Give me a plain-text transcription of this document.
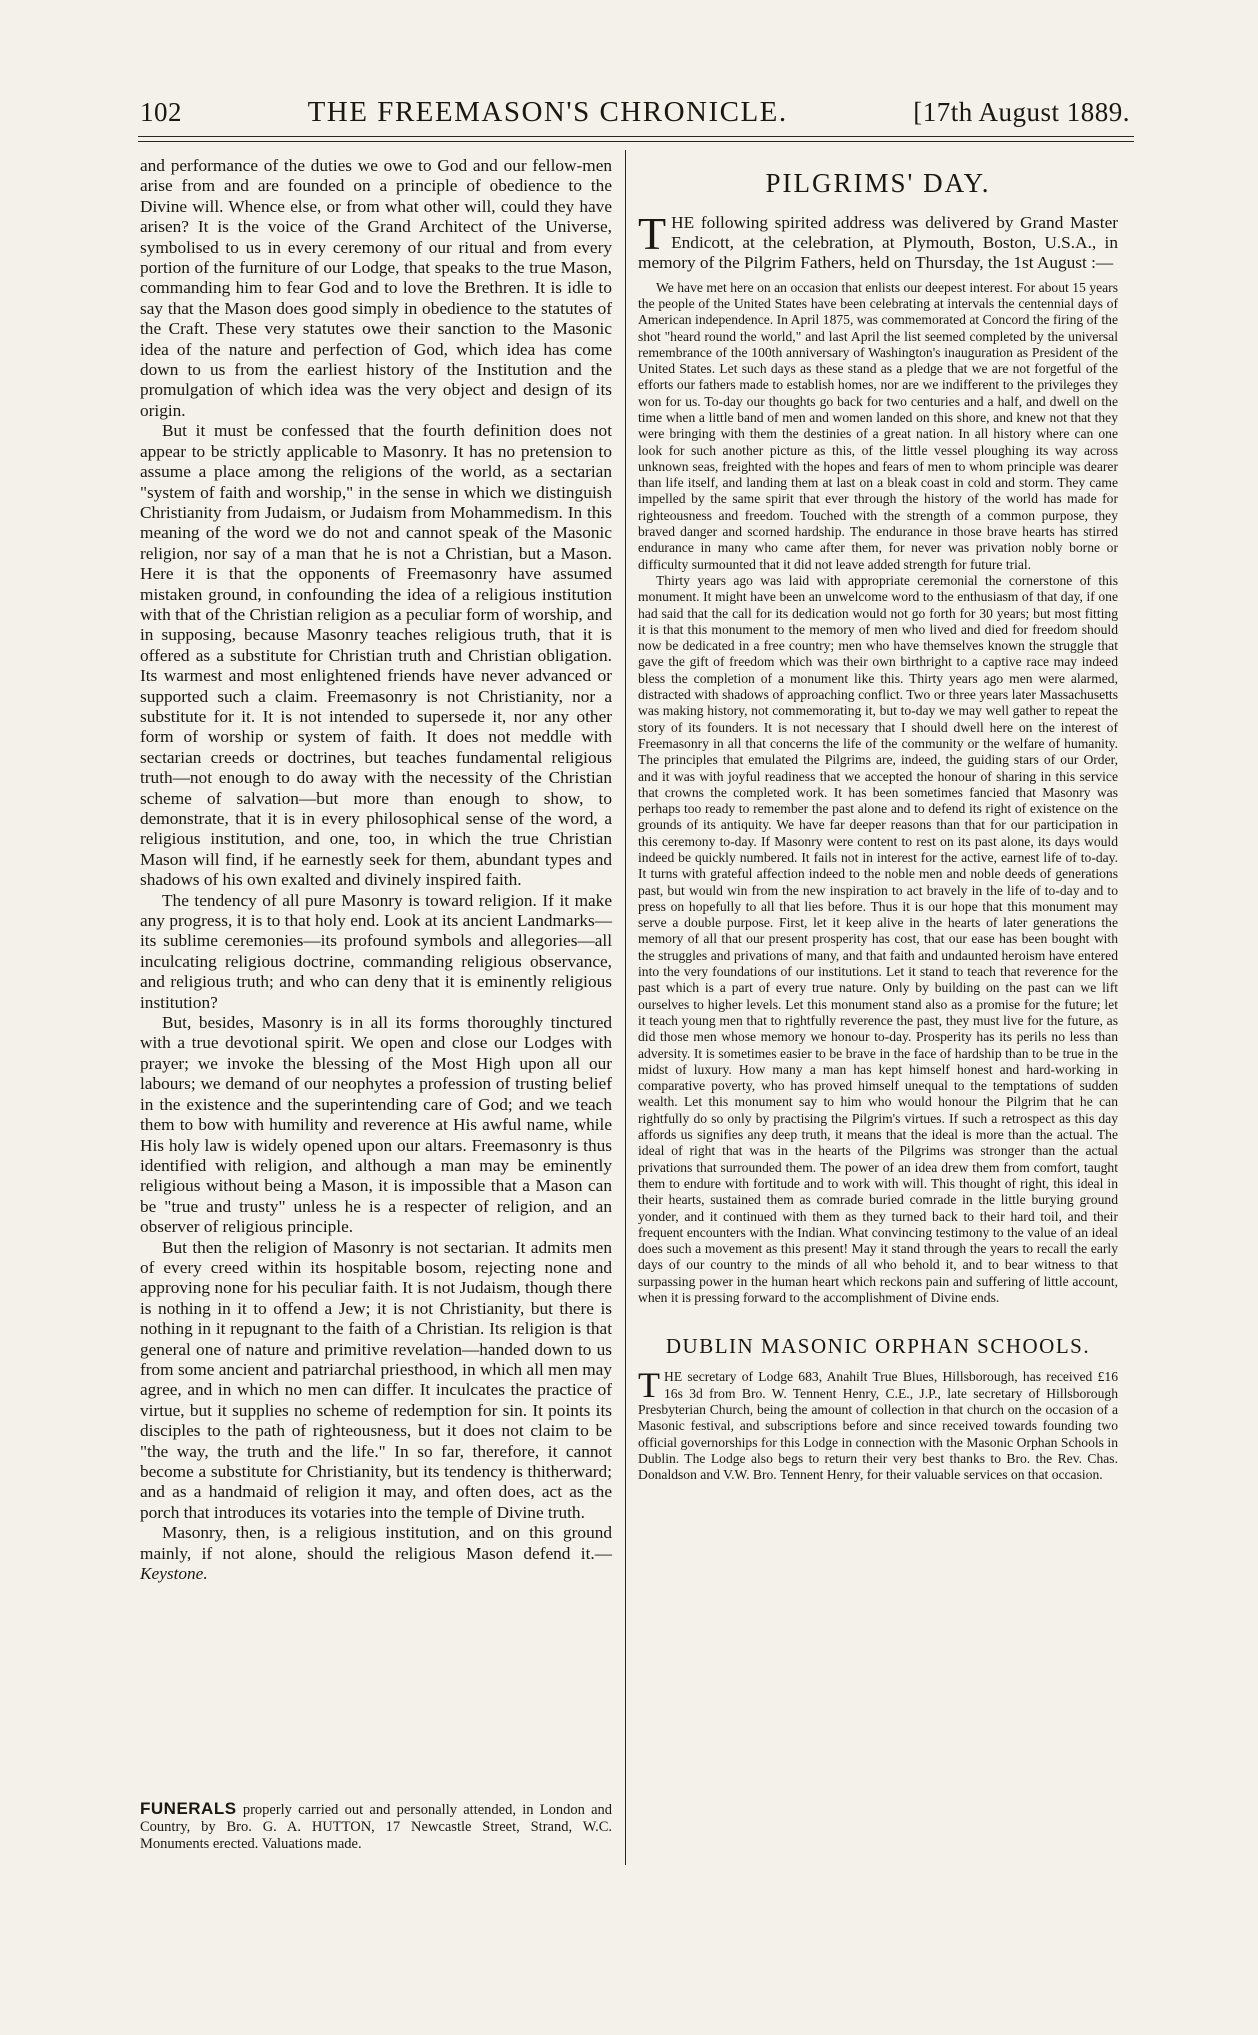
102	THE FREEMASON'S CHRONICLE.	[17th August 1889.

and performance of the duties we owe to God and our fellow-men arise from and are founded on a principle of obedience to the Divine will. Whence else, or from what other will, could they have arisen? It is the voice of the Grand Architect of the Universe, symbolised to us in every ceremony of our ritual and from every portion of the furniture of our Lodge, that speaks to the true Mason, commanding him to fear God and to love the Brethren. It is idle to say that the Mason does good simply in obedience to the statutes of the Craft. These very statutes owe their sanction to the Masonic idea of the nature and perfection of God, which idea has come down to us from the earliest history of the Institution and the promulgation of which idea was the very object and design of its origin.

But it must be confessed that the fourth definition does not appear to be strictly applicable to Masonry. It has no pretension to assume a place among the religions of the world, as a sectarian "system of faith and worship," in the sense in which we distinguish Christianity from Judaism, or Judaism from Mohammedism. In this meaning of the word we do not and cannot speak of the Masonic religion, nor say of a man that he is not a Christian, but a Mason. Here it is that the opponents of Freemasonry have assumed mistaken ground, in confounding the idea of a religious institution with that of the Christian religion as a peculiar form of worship, and in supposing, because Masonry teaches religious truth, that it is offered as a substitute for Christian truth and Christian obligation. Its warmest and most enlightened friends have never advanced or supported such a claim. Freemasonry is not Christianity, nor a substitute for it. It is not intended to supersede it, nor any other form of worship or system of faith. It does not meddle with sectarian creeds or doctrines, but teaches fundamental religious truth—not enough to do away with the necessity of the Christian scheme of salvation—but more than enough to show, to demonstrate, that it is in every philosophical sense of the word, a religious institution, and one, too, in which the true Christian Mason will find, if he earnestly seek for them, abundant types and shadows of his own exalted and divinely inspired faith.

The tendency of all pure Masonry is toward religion. If it make any progress, it is to that holy end. Look at its ancient Landmarks—its sublime ceremonies—its profound symbols and allegories—all inculcating religious doctrine, commanding religious observance, and religious truth; and who can deny that it is eminently religious institution?

But, besides, Masonry is in all its forms thoroughly tinctured with a true devotional spirit. We open and close our Lodges with prayer; we invoke the blessing of the Most High upon all our labours; we demand of our neophytes a profession of trusting belief in the existence and the superintending care of God; and we teach them to bow with humility and reverence at His awful name, while His holy law is widely opened upon our altars. Freemasonry is thus identified with religion, and although a man may be eminently religious without being a Mason, it is impossible that a Mason can be "true and trusty" unless he is a respecter of religion, and an observer of religious principle.

But then the religion of Masonry is not sectarian. It admits men of every creed within its hospitable bosom, rejecting none and approving none for his peculiar faith. It is not Judaism, though there is nothing in it to offend a Jew; it is not Christianity, but there is nothing in it repugnant to the faith of a Christian. Its religion is that general one of nature and primitive revelation—handed down to us from some ancient and patriarchal priesthood, in which all men may agree, and in which no men can differ. It inculcates the practice of virtue, but it supplies no scheme of redemption for sin. It points its disciples to the path of righteousness, but it does not claim to be "the way, the truth and the life." In so far, therefore, it cannot become a substitute for Christianity, but its tendency is thitherward; and as a handmaid of religion it may, and often does, act as the porch that introduces its votaries into the temple of Divine truth.

Masonry, then, is a religious institution, and on this ground mainly, if not alone, should the religious Mason defend it.—Keystone.

FUNERALS properly carried out and personally attended, in London and Country, by Bro. G. A. HUTTON, 17 Newcastle Street, Strand, W.C. Monuments erected. Valuations made.
PILGRIMS' DAY.

THE following spirited address was delivered by Grand Master Endicott, at the celebration, at Plymouth, Boston, U.S.A., in memory of the Pilgrim Fathers, held on Thursday, the 1st August :—

We have met here on an occasion that enlists our deepest interest. For about 15 years the people of the United States have been celebrating at intervals the centennial days of American independence. In April 1875, was commemorated at Concord the firing of the shot "heard round the world," and last April the list seemed completed by the universal remembrance of the 100th anniversary of Washington's inauguration as President of the United States. Let such days as these stand as a pledge that we are not forgetful of the efforts our fathers made to establish homes, nor are we indifferent to the privileges they won for us. To-day our thoughts go back for two centuries and a half, and dwell on the time when a little band of men and women landed on this shore, and knew not that they were bringing with them the destinies of a great nation. In all history where can one look for such another picture as this, of the little vessel ploughing its way across unknown seas, freighted with the hopes and fears of men to whom principle was dearer than life itself, and landing them at last on a bleak coast in cold and storm. They came impelled by the same spirit that ever through the history of the world has made for righteousness and freedom. Touched with the strength of a common purpose, they braved danger and scorned hardship. The endurance in those brave hearts has stirred endurance in many who came after them, for never was privation nobly borne or difficulty surmounted that it did not leave added strength for future trial.

Thirty years ago was laid with appropriate ceremonial the cornerstone of this monument. It might have been an unwelcome word to the enthusiasm of that day, if one had said that the call for its dedication would not go forth for 30 years; but most fitting it is that this monument to the memory of men who lived and died for freedom should now be dedicated in a free country; men who have themselves known the struggle that gave the gift of freedom which was their own birthright to a captive race may indeed bless the completion of a monument like this. Thirty years ago men were alarmed, distracted with shadows of approaching conflict. Two or three years later Massachusetts was making history, not commemorating it, but to-day we may well gather to repeat the story of its founders. It is not necessary that I should dwell here on the interest of Freemasonry in all that concerns the life of the community or the welfare of humanity. The principles that emulated the Pilgrims are, indeed, the guiding stars of our Order, and it was with joyful readiness that we accepted the honour of sharing in this service that crowns the completed work. It has been sometimes fancied that Masonry was perhaps too ready to remember the past alone and to defend its right of existence on the grounds of its antiquity. We have far deeper reasons than that for our participation in this ceremony to-day. If Masonry were content to rest on its past alone, its days would indeed be quickly numbered. It fails not in interest for the active, earnest life of to-day. It turns with grateful affection indeed to the noble men and noble deeds of generations past, but would win from the new inspiration to act bravely in the life of to-day and to press on hopefully to all that lies before. Thus it is our hope that this monument may serve a double purpose. First, let it keep alive in the hearts of later generations the memory of all that our present prosperity has cost, that our ease has been bought with the struggles and privations of many, and that faith and undaunted heroism have entered into the very foundations of our institutions. Let it stand to teach that reverence for the past which is a part of every true nature. Only by building on the past can we lift ourselves to higher levels. Let this monument stand also as a promise for the future; let it teach young men that to rightfully reverence the past, they must live for the future, as did those men whose memory we honour to-day. Prosperity has its perils no less than adversity. It is sometimes easier to be brave in the face of hardship than to be true in the midst of luxury. How many a man has kept himself honest and hard-working in comparative poverty, who has proved himself unequal to the temptations of sudden wealth. Let this monument say to him who would honour the Pilgrim that he can rightfully do so only by practising the Pilgrim's virtues. If such a retrospect as this day affords us signifies any deep truth, it means that the ideal is more than the actual. The ideal of right that was in the hearts of the Pilgrims was stronger than the actual privations that surrounded them. The power of an idea drew them from comfort, taught them to endure with fortitude and to work with will. This thought of right, this ideal in their hearts, sustained them as comrade buried comrade in the little burying ground yonder, and it continued with them as they turned back to their hard toil, and their frequent encounters with the Indian. What convincing testimony to the value of an ideal does such a movement as this present! May it stand through the years to recall the early days of our country to the minds of all who behold it, and to bear witness to that surpassing power in the human heart which reckons pain and suffering of little account, when it is pressing forward to the accomplishment of Divine ends.

DUBLIN MASONIC ORPHAN SCHOOLS.

THE secretary of Lodge 683, Anahilt True Blues, Hillsborough, has received £16 16s 3d from Bro. W. Tennent Henry, C.E., J.P., late secretary of Hillsborough Presbyterian Church, being the amount of collection in that church on the occasion of a Masonic festival, and subscriptions before and since received towards founding two official governorships for this Lodge in connection with the Masonic Orphan Schools in Dublin. The Lodge also begs to return their very best thanks to Bro. the Rev. Chas. Donaldson and V.W. Bro. Tennent Henry, for their valuable services on that occasion.
